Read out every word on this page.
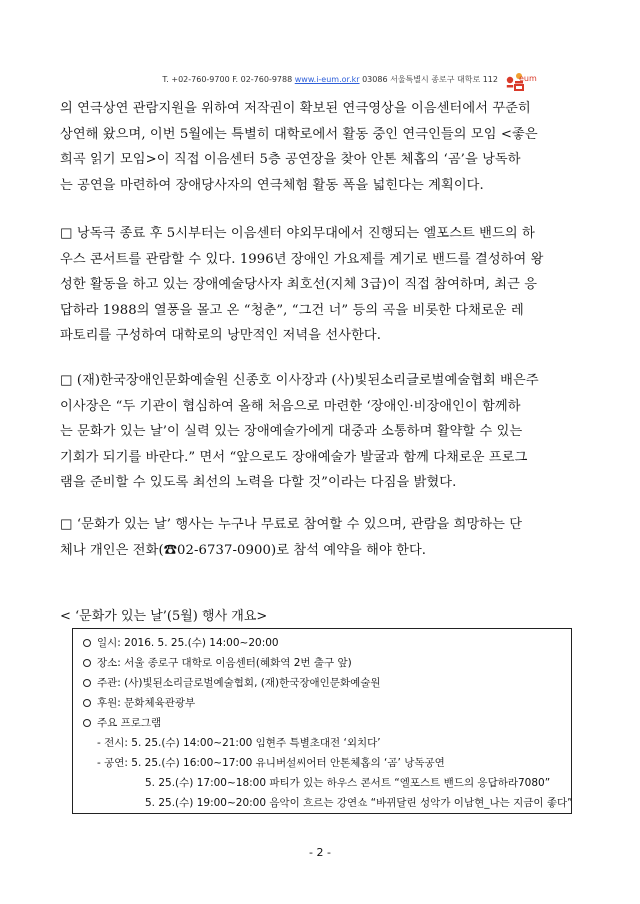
T. +02-760-9700 F. 02-760-9788 www.i-eum.or.kr 03086 서울특별시 종로구 대학로 112	eum
의 연극상연 관람지원을 위하여 저작권이 확보된 연극영상을 이음센터에서 꾸준히
상연해 왔으며, 이번 5월에는 특별히 대학로에서 활동 중인 연극인들의 모임 <좋은
희곡 읽기 모임>이 직접 이음센터 5층 공연장을 찾아 안톤 체홉의 ‘곰’을 낭독하
는 공연을 마련하여 장애당사자의 연극체험 활동 폭을 넓힌다는 계획이다.
□ 낭독극 종료 후 5시부터는 이음센터 야외무대에서 진행되는 엘포스트 밴드의 하
우스 콘서트를 관람할 수 있다. 1996년 장애인 가요제를 계기로 밴드를 결성하여 왕
성한 활동을 하고 있는 장애예술당사자 최호선(지체 3급)이 직접 참여하며, 최근 응
답하라 1988의 열풍을 몰고 온 “청춘”, “그건 너” 등의 곡을 비롯한 다채로운 레
파토리를 구성하여 대학로의 낭만적인 저녁을 선사한다.
□ (재)한국장애인문화예술원 신종호 이사장과 (사)빛된소리글로벌예술협회 배은주
이사장은 “두 기관이 협심하여 올해 처음으로 마련한 ‘장애인·비장애인이 함께하
는 문화가 있는 날’이 실력 있는 장애예술가에게 대중과 소통하며 활약할 수 있는
기회가 되기를 바란다.” 면서 “앞으로도 장애예술가 발굴과 함께 다채로운 프로그
램을 준비할 수 있도록 최선의 노력을 다할 것”이라는 다짐을 밝혔다.
□ ‘문화가 있는 날’ 행사는 누구나 무료로 참여할 수 있으며, 관람을 희망하는 단
체나 개인은 전화(☎02-6737-0900)로 참석 예약을 해야 한다.
< ‘문화가 있는 날’(5월) 행사 개요>
일시: 2016. 5. 25.(수) 14:00~20:00
장소: 서울 종로구 대학로 이음센터(혜화역 2번 출구 앞)
주관: (사)빛된소리글로벌예술협회, (재)한국장애인문화예술원
후원: 문화체육관광부
주요 프로그램
- 전시: 5. 25.(수) 14:00~21:00 임현주 특별초대전 ‘외치다’
- 공연: 5. 25.(수) 16:00~17:00 유니버설씨어터 안톤체홉의 ‘곰’ 낭독공연
5. 25.(수) 17:00~18:00 파티가 있는 하우스 콘서트 “엘포스트 밴드의 응답하라7080”
5. 25.(수) 19:00~20:00 음악이 흐르는 강연쇼 “바뀌달린 성악가 이남현_나는 지금이 좋다”
- 2 -
